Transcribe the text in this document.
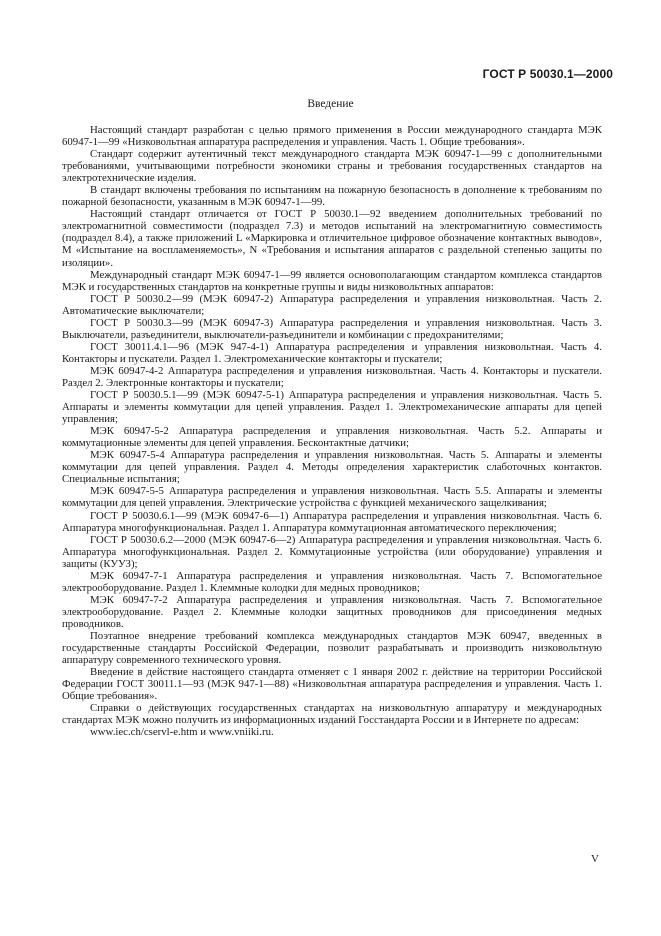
ГОСТ Р 50030.1—2000
Введение

Настоящий стандарт разработан с целью прямого применения в России международного стандарта МЭК 60947-1—99 «Низковольтная аппаратура распределения и управления. Часть 1. Общие требования».

Стандарт содержит аутентичный текст международного стандарта МЭК 60947-1—99 с дополнительными требованиями, учитывающими потребности экономики страны и требования государственных стандартов на электротехнические изделия.

В стандарт включены требования по испытаниям на пожарную безопасность в дополнение к требованиям по пожарной безопасности, указанным в МЭК 60947-1—99.

Настоящий стандарт отличается от ГОСТ Р 50030.1—92 введением дополнительных требований по электромагнитной совместимости (подраздел 7.3) и методов испытаний на электромагнитную совместимость (подраздел 8.4), а также приложений L «Маркировка и отличительное цифровое обозначение контактных выводов», M «Испытание на воспламеняемость», N «Требования и испытания аппаратов с раздельной степенью защиты по изоляции».

Международный стандарт МЭК 60947-1—99 является основополагающим стандартом комплекса стандартов МЭК и государственных стандартов на конкретные группы и виды низковольтных аппаратов:

ГОСТ Р 50030.2—99 (МЭК 60947-2) Аппаратура распределения и управления низковольтная. Часть 2. Автоматические выключатели;

ГОСТ Р 50030.3—99 (МЭК 60947-3) Аппаратура распределения и управления низковольтная. Часть 3. Выключатели, разъединители, выключатели-разъединители и комбинации с предохранителями;

ГОСТ 30011.4.1—96 (МЭК 947-4-1) Аппаратура распределения и управления низковольтная. Часть 4. Контакторы и пускатели. Раздел 1. Электромеханические контакторы и пускатели;

МЭК 60947-4-2 Аппаратура распределения и управления низковольтная. Часть 4. Контакторы и пускатели. Раздел 2. Электронные контакторы и пускатели;

ГОСТ Р 50030.5.1—99 (МЭК 60947-5-1) Аппаратура распределения и управления низковольтная. Часть 5. Аппараты и элементы коммутации для цепей управления. Раздел 1. Электромеханические аппараты для цепей управления;

МЭК 60947-5-2 Аппаратура распределения и управления низковольтная. Часть 5.2. Аппараты и коммутационные элементы для цепей управления. Бесконтактные датчики;

МЭК 60947-5-4 Аппаратура распределения и управления низковольтная. Часть 5. Аппараты и элементы коммутации для цепей управления. Раздел 4. Методы определения характеристик слаботочных контактов. Специальные испытания;

МЭК 60947-5-5 Аппаратура распределения и управления низковольтная. Часть 5.5. Аппараты и элементы коммутации для цепей управления. Электрические устройства с функцией механического защелкивания;

ГОСТ Р 50030.6.1—99 (МЭК 60947-6—1) Аппаратура распределения и управления низковольтная. Часть 6. Аппаратура многофункциональная. Раздел 1. Аппаратура коммутационная автоматического переключения;

ГОСТ Р 50030.6.2—2000 (МЭК 60947-6—2) Аппаратура распределения и управления низковольтная. Часть 6. Аппаратура многофункциональная. Раздел 2. Коммутационные устройства (или оборудование) управления и защиты (КУУЗ);

МЭК 60947-7-1 Аппаратура распределения и управления низковольтная. Часть 7. Вспомогательное электрооборудование. Раздел 1. Клеммные колодки для медных проводников;

МЭК 60947-7-2 Аппаратура распределения и управления низковольтная. Часть 7. Вспомогательное электрооборудование. Раздел 2. Клеммные колодки защитных проводников для присоединения медных проводников.

Поэтапное внедрение требований комплекса международных стандартов МЭК 60947, введенных в государственные стандарты Российской Федерации, позволит разрабатывать и производить низковольтную аппаратуру современного технического уровня.

Введение в действие настоящего стандарта отменяет с 1 января 2002 г. действие на территории Российской Федерации ГОСТ 30011.1—93 (МЭК 947-1—88) «Низковольтная аппаратура распределения и управления. Часть 1. Общие требования».

Справки о действующих государственных стандартах на низковольтную аппаратуру и международных стандартах МЭК можно получить из информационных изданий Госстандарта России и в Интернете по адресам:

www.iec.ch/cservl-e.htm и www.vniiki.ru.

V
